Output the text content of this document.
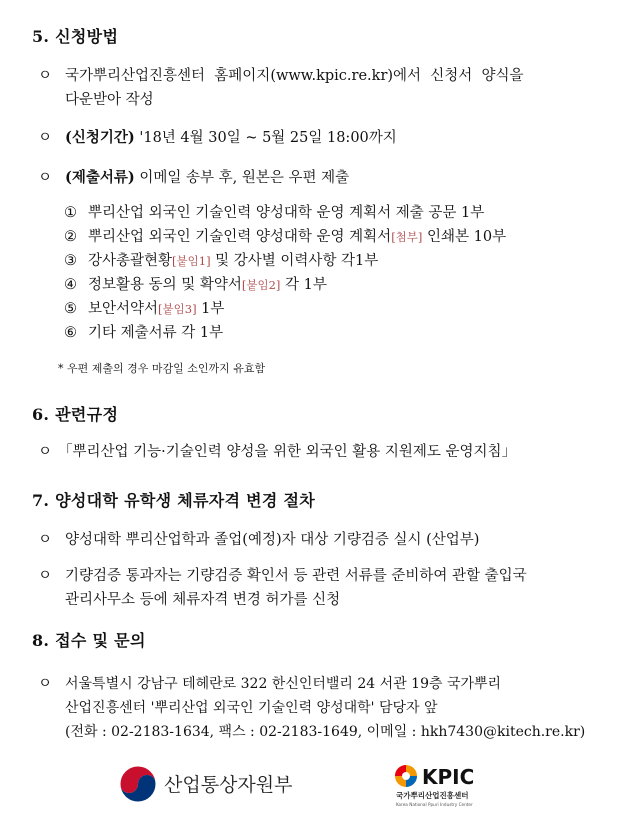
5. 신청방법
ㅇ 국가뿌리산업진흥센터  홈페이지(www.kpic.re.kr)에서  신청서  양식을
다운받아 작성
ㅇ (신청기간) '18년 4월 30일 ~ 5월 25일 18:00까지
ㅇ (제출서류) 이메일 송부 후, 원본은 우편 제출
① 뿌리산업 외국인 기술인력 양성대학 운영 계획서 제출 공문 1부
② 뿌리산업 외국인 기술인력 양성대학 운영 계획서[첨부] 인쇄본 10부
③ 강사총괄현황[붙임1] 및 강사별 이력사항 각1부
④ 정보활용 동의 및 확약서[붙임2] 각 1부
⑤ 보안서약서[붙임3] 1부
⑥ 기타 제출서류 각 1부
* 우편 제출의 경우 마감일 소인까지 유효함
6. 관련규정
ㅇ 「뿌리산업 기능·기술인력 양성을 위한 외국인 활용 지원제도 운영지침」
7. 양성대학 유학생 체류자격 변경 절차
ㅇ 양성대학 뿌리산업학과 졸업(예정)자 대상 기량검증 실시 (산업부)
ㅇ 기량검증 통과자는 기량검증 확인서 등 관련 서류를 준비하여 관할 출입국
관리사무소 등에 체류자격 변경 허가를 신청
8. 접수 및 문의
ㅇ 서울특별시 강남구 테헤란로 322 한신인터밸리 24 서관 19층 국가뿌리
산업진흥센터 '뿌리산업 외국인 기술인력 양성대학' 담당자 앞
(전화 : 02-2183-1634, 팩스 : 02-2183-1649, 이메일 : hkh7430@kitech.re.kr)
산업통상자원부	KPIC
국가뿌리산업진흥센터
Korea National Ppuri Industry Center
